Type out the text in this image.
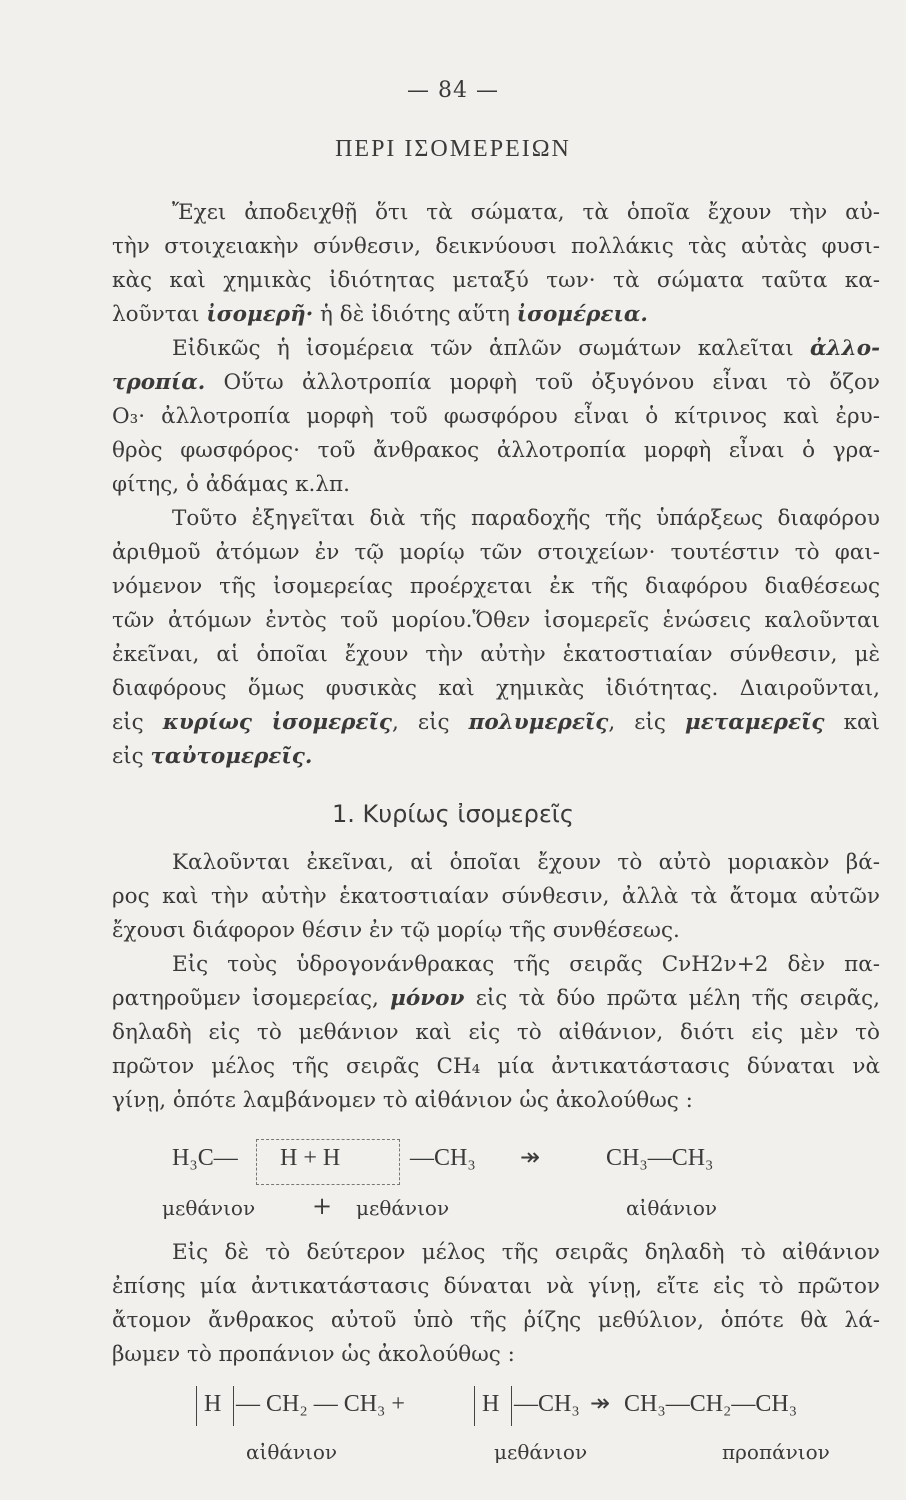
— 84 —
ΠΕΡΙ ΙΣΟΜΕΡΕΙΩΝ

Ἔχει ἀποδειχθῇ ὅτι τὰ σώματα, τὰ ὁποῖα ἔχουν τὴν αὐ-

τὴν στοιχειακὴν σύνθεσιν, δεικνύουσι πολλάκις τὰς αὐτὰς φυσι-
κὰς καὶ χημικὰς ἰδιότητας μεταξύ των· τὰ σώματα ταῦτα κα-
λοῦνται ἰσομερῆ· ἡ δὲ ἰδιότης αὕτη ἰσομέρεια.

Εἰδικῶς ἡ ἰσομέρεια τῶν ἁπλῶν σωμάτων καλεῖται ἀλλο-

τροπία. Οὕτω ἀλλοτροπία μορφὴ τοῦ ὀξυγόνου εἶναι τὸ ὄζον
O₃· ἀλλοτροπία μορφὴ τοῦ φωσφόρου εἶναι ὁ κίτρινος καὶ ἐρυ-
θρὸς φωσφόρος· τοῦ ἄνθρακος ἀλλοτροπία μορφὴ εἶναι ὁ γρα-
φίτης, ὁ ἀδάμας κ.λπ.

Τοῦτο ἐξηγεῖται διὰ τῆς παραδοχῆς τῆς ὑπάρξεως διαφόρου

ἀριθμοῦ ἀτόμων ἐν τῷ μορίῳ τῶν στοιχείων· τουτέστιν τὸ φαι-
νόμενον τῆς ἰσομερείας προέρχεται ἐκ τῆς διαφόρου διαθέσεως
τῶν ἀτόμων ἐντὸς τοῦ μορίου.Ὅθεν ἰσομερεῖς ἑνώσεις καλοῦνται
ἐκεῖναι, αἱ ὁποῖαι ἔχουν τὴν αὐτὴν ἑκατοστιαίαν σύνθεσιν, μὲ
διαφόρους ὅμως φυσικὰς καὶ χημικὰς ἰδιότητας. Διαιροῦνται,
εἰς κυρίως ἰσομερεῖς, εἰς πολυμερεῖς, εἰς μεταμερεῖς καὶ
εἰς ταὐτομερεῖς.
1. Κυρίως ἰσομερεῖς

Καλοῦνται ἐκεῖναι, αἱ ὁποῖαι ἔχουν τὸ αὐτὸ μοριακὸν βά-

ρος καὶ τὴν αὐτὴν ἑκατοστιαίαν σύνθεσιν, ἀλλὰ τὰ ἄτομα αὐτῶν
ἔχουσι διάφορον θέσιν ἐν τῷ μορίῳ τῆς συνθέσεως.

Εἰς τοὺς ὑδρογονάνθρακας τῆς σειρᾶς CνH2ν+2 δὲν πα-

ρατηροῦμεν ἰσομερείας, μόνον εἰς τὰ δύο πρῶτα μέλη τῆς σειρᾶς,
δηλαδὴ εἰς τὸ μεθάνιον καὶ εἰς τὸ αἰθάνιον, διότι εἰς μὲν τὸ
πρῶτον μέλος τῆς σειρᾶς CH₄ μία ἀντικατάστασις δύναται νὰ
γίνῃ, ὁπότε λαμβάνομεν τὸ αἰθάνιον ὡς ἀκολούθως :
H₃C— H + H	—CH₃ ↠	CH₃—CH₃
μεθάνιον + μεθάνιον	αἰθάνιον

Εἰς δὲ τὸ δεύτερον μέλος τῆς σειρᾶς δηλαδὴ τὸ αἰθάνιον

ἐπίσης μία ἀντικατάστασις δύναται νὰ γίνῃ, εἴτε εἰς τὸ πρῶτον
ἄτομον ἄνθρακος αὐτοῦ ὑπὸ τῆς ῥίζης μεθύλιον, ὁπότε θὰ λά-
βωμεν τὸ προπάνιον ὡς ἀκολούθως :
H — CH₂ — CH₃ +	H —CH₃ ↠ CH₃—CH₂—CH₃
αἰθάνιον	μεθάνιον	προπάνιον
